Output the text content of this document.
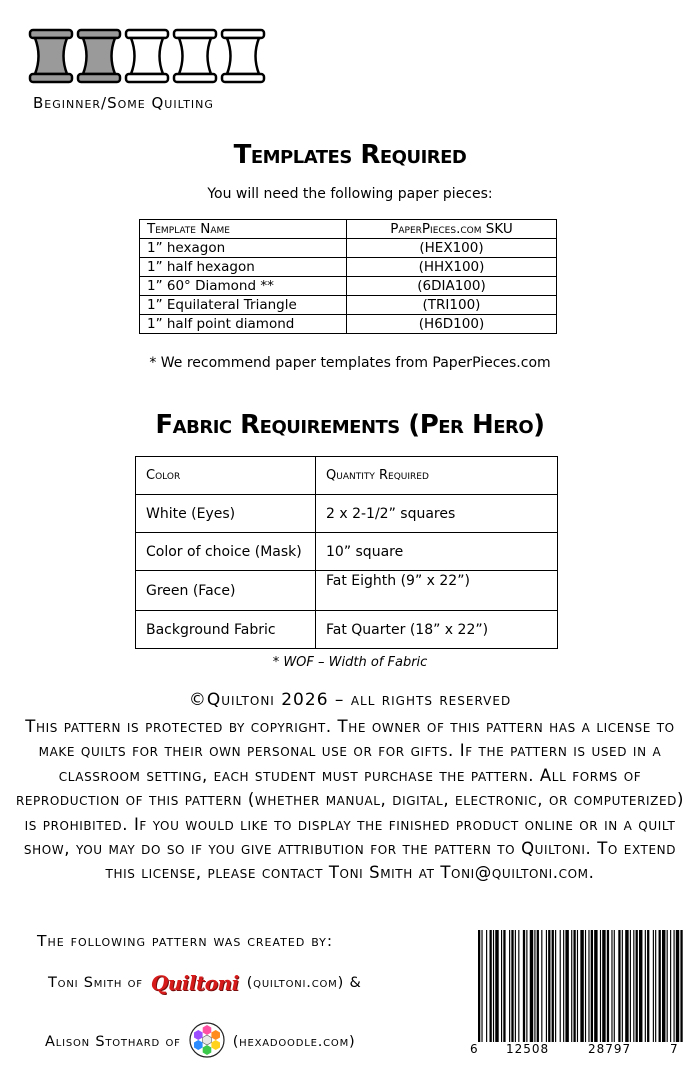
Beginner/Some Quilting
Templates Required
You will need the following paper pieces:
Template Name	PaperPieces.com SKU
1” hexagon	(HEX100)
1” half hexagon	(HHX100)
1” 60° Diamond **	(6DIA100)
1” Equilateral Triangle	(TRI100)
1” half point diamond	(H6D100)
* We recommend paper templates from PaperPieces.com
Fabric Requirements (Per Hero)
Color	Quantity Required
White (Eyes)	2 x 2-1/2” squares
Color of choice (Mask)	10” square
Green (Face)	Fat Eighth (9” x 22”)
Background Fabric	Fat Quarter (18” x 22”)
* WOF – Width of Fabric
©Quiltoni 2026 – all rights reserved
This pattern is protected by copyright. The owner of this pattern has a license to make quilts for their own personal use or for gifts. If the pattern is used in a classroom setting, each student must purchase the pattern. All forms of reproduction of this pattern (whether manual, digital, electronic, or computerized) is prohibited. If you would like to display the finished product online or in a quilt show, you may do so if you give attribution for the pattern to Quiltoni. To extend this license, please contact Toni Smith at Toni@quiltoni.com.
The following pattern was created by:
Toni Smith of Quiltoni (quiltoni.com) &
Alison Stothard of	(hexadoodle.com)	6 12508	28797	7
